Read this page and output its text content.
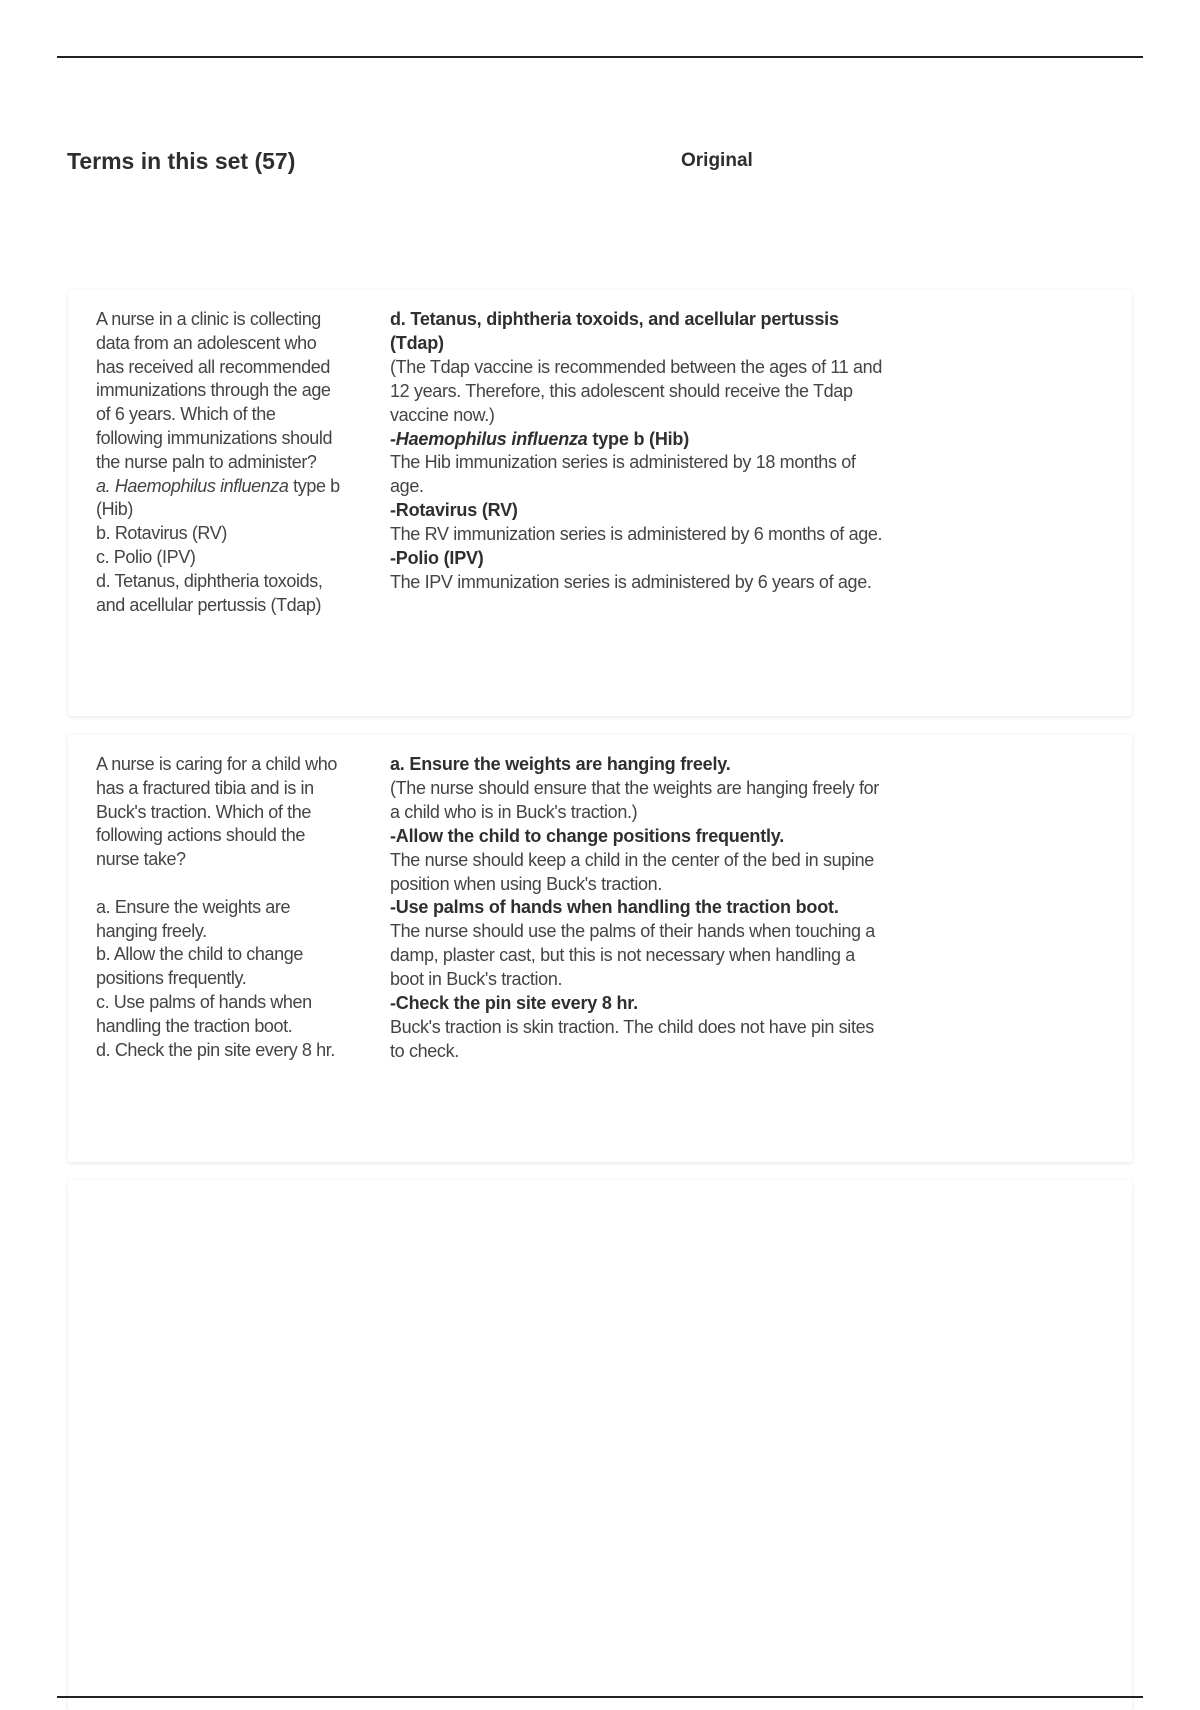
Terms in this set (57)	Original

A nurse in a clinic is collecting data from an adolescent who has received all recommended immunizations through the age of 6 years. Which of the following immunizations should the nurse paln to administer?

a. Haemophilus influenza type b (Hib)

b. Rotavirus (RV)

c. Polio (IPV)

d. Tetanus, diphtheria toxoids, and acellular pertussis (Tdap)

d. Tetanus, diphtheria toxoids, and acellular pertussis (Tdap)

(The Tdap vaccine is recommended between the ages of 11 and 12 years. Therefore, this adolescent should receive the Tdap vaccine now.)

-Haemophilus influenza type b (Hib)

The Hib immunization series is administered by 18 months of age.

-Rotavirus (RV)

The RV immunization series is administered by 6 months of age.

-Polio (IPV)

The IPV immunization series is administered by 6 years of age.

A nurse is caring for a child who has a fractured tibia and is in Buck's traction. Which of the following actions should the nurse take?

a. Ensure the weights are hanging freely.

b. Allow the child to change positions frequently.

c. Use palms of hands when handling the traction boot.

d. Check the pin site every 8 hr.

a. Ensure the weights are hanging freely.

(The nurse should ensure that the weights are hanging freely for a child who is in Buck's traction.)

-Allow the child to change positions frequently.

The nurse should keep a child in the center of the bed in supine position when using Buck's traction.

-Use palms of hands when handling the traction boot.

The nurse should use the palms of their hands when touching a damp, plaster cast, but this is not necessary when handling a boot in Buck's traction.

-Check the pin site every 8 hr.

Buck's traction is skin traction. The child does not have pin sites to check.
